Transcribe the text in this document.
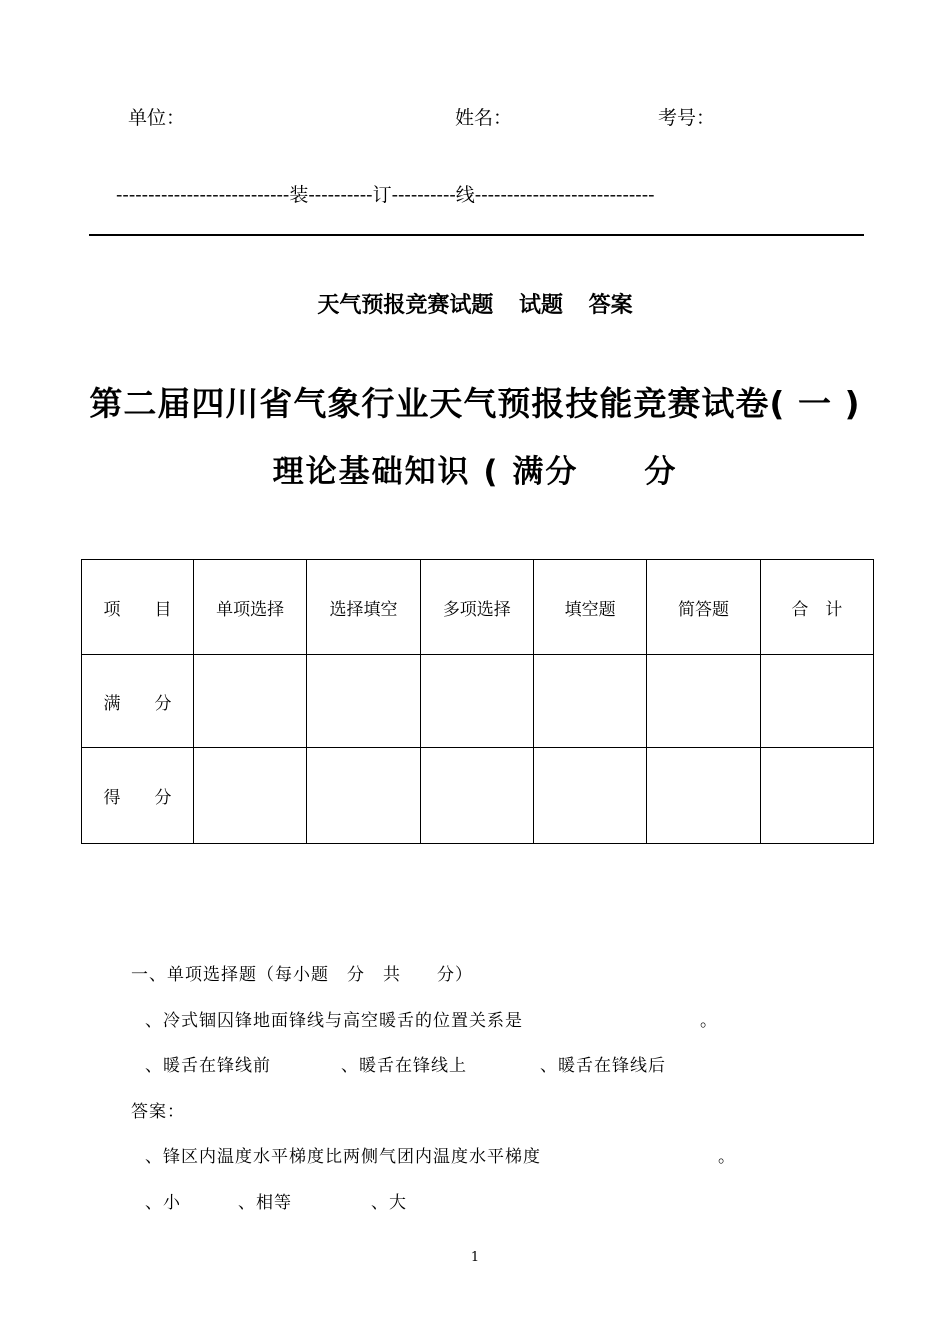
单位：	姓名：	考号：
---------------------------装----------订----------线----------------------------
天气预报竞赛试题 试题 答案
第二届四川省气象行业天气预报技能竞赛试卷( 一 )
理论基础知识 ( 满分　　分
项　　目	单项选择	选择填空	多项选择	填空题	简答题	合　计
满　　分						
得　　分						
一、单项选择题（每小题　分　共　　分）
、冷式锢囚锋地面锋线与高空暖舌的位置关系是	。
、暖舌在锋线前	、暖舌在锋线上	、暖舌在锋线后
答案：
、锋区内温度水平梯度比两侧气团内温度水平梯度	。
、小	、相等	、大
1
